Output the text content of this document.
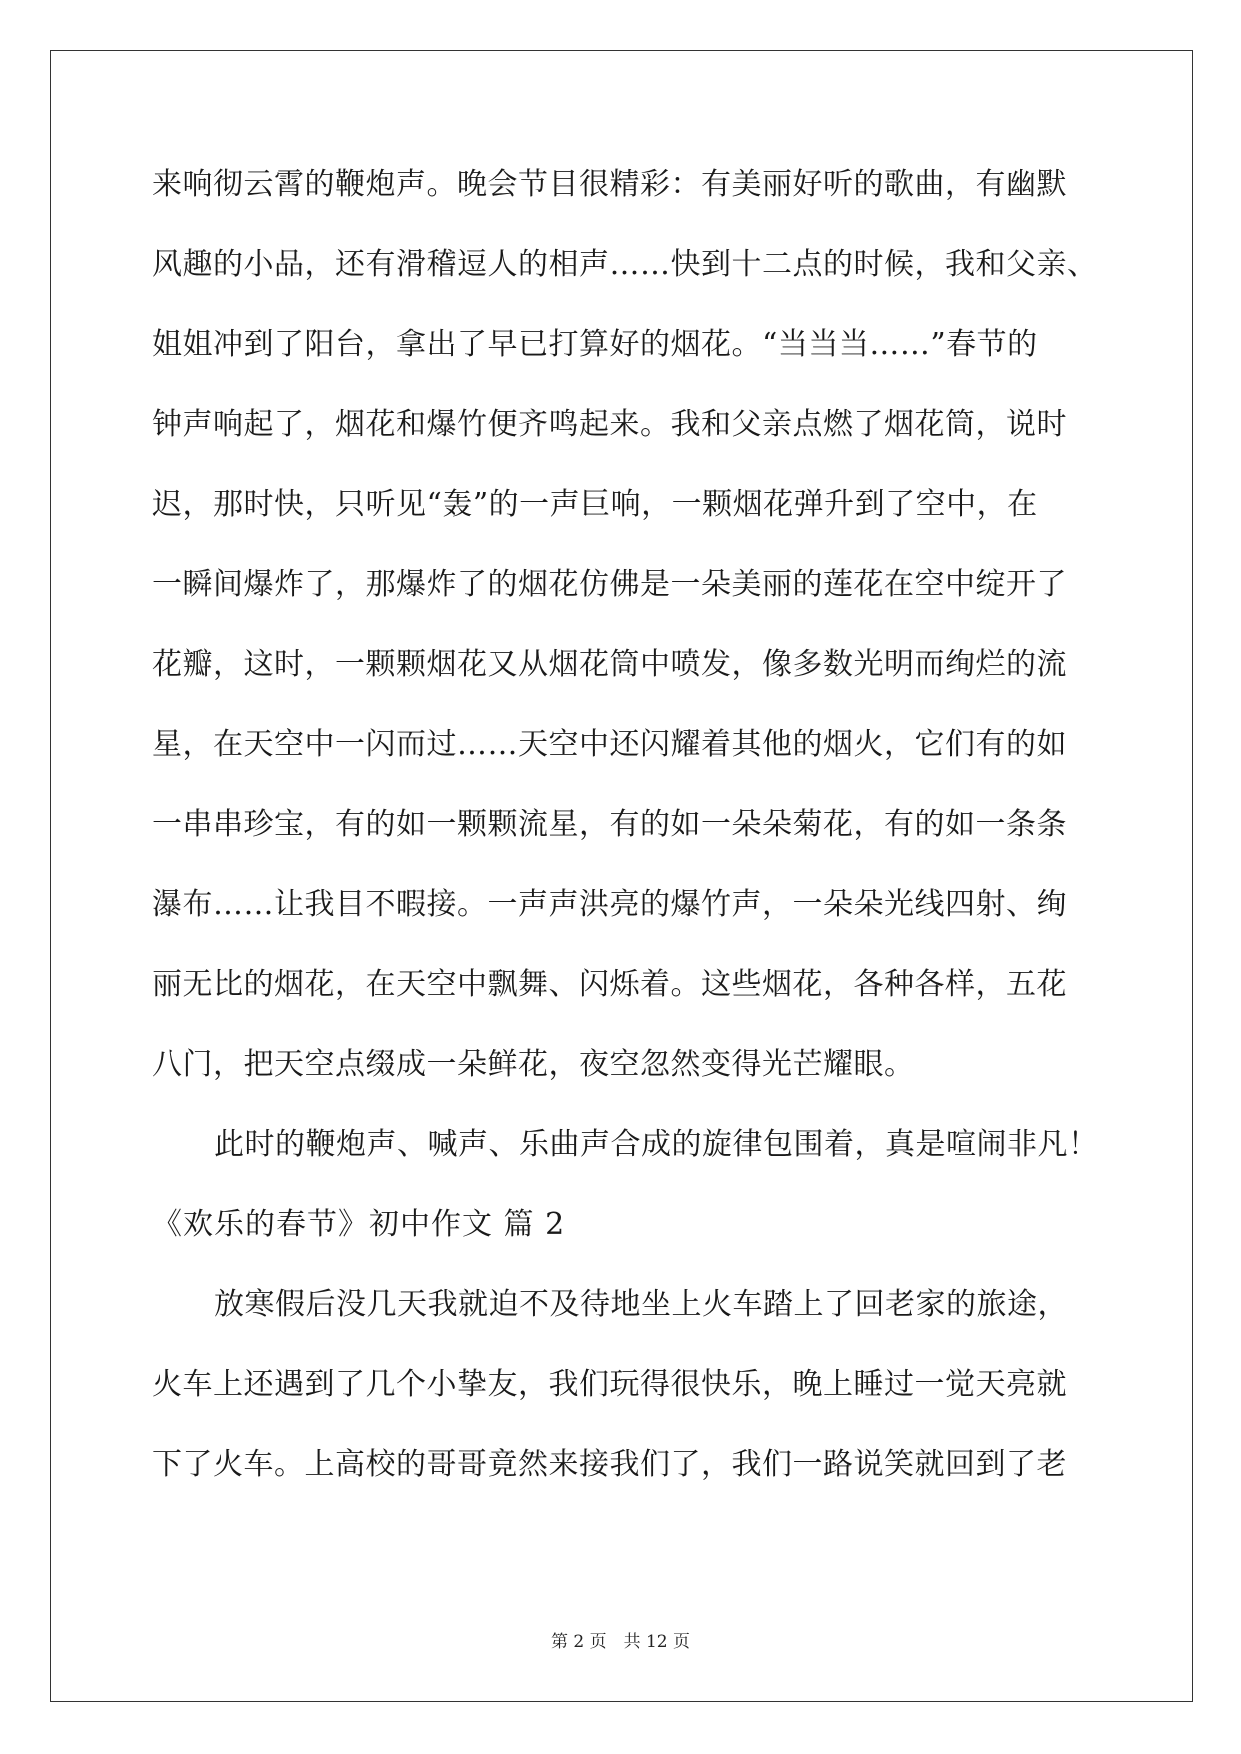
来响彻云霄的鞭炮声。晚会节目很精彩：有美丽好听的歌曲，有幽默
风趣的小品，还有滑稽逗人的相声……快到十二点的时候，我和父亲、
姐姐冲到了阳台，拿出了早已打算好的烟花。“当当当……”春节的
钟声响起了，烟花和爆竹便齐鸣起来。我和父亲点燃了烟花筒，说时
迟，那时快，只听见“轰”的一声巨响，一颗烟花弹升到了空中，在
一瞬间爆炸了，那爆炸了的烟花仿佛是一朵美丽的莲花在空中绽开了
花瓣，这时，一颗颗烟花又从烟花筒中喷发，像多数光明而绚烂的流
星，在天空中一闪而过……天空中还闪耀着其他的烟火，它们有的如
一串串珍宝，有的如一颗颗流星，有的如一朵朵菊花，有的如一条条
瀑布……让我目不暇接。一声声洪亮的爆竹声，一朵朵光线四射、绚
丽无比的烟花，在天空中飘舞、闪烁着。这些烟花，各种各样，五花
八门，把天空点缀成一朵鲜花，夜空忽然变得光芒耀眼。
此时的鞭炮声、喊声、乐曲声合成的旋律包围着，真是喧闹非凡！
《欢乐的春节》初中作文 篇 2
放寒假后没几天我就迫不及待地坐上火车踏上了回老家的旅途，
火车上还遇到了几个小挚友，我们玩得很快乐，晚上睡过一觉天亮就
下了火车。上高校的哥哥竟然来接我们了，我们一路说笑就回到了老
第 2 页　共 12 页
